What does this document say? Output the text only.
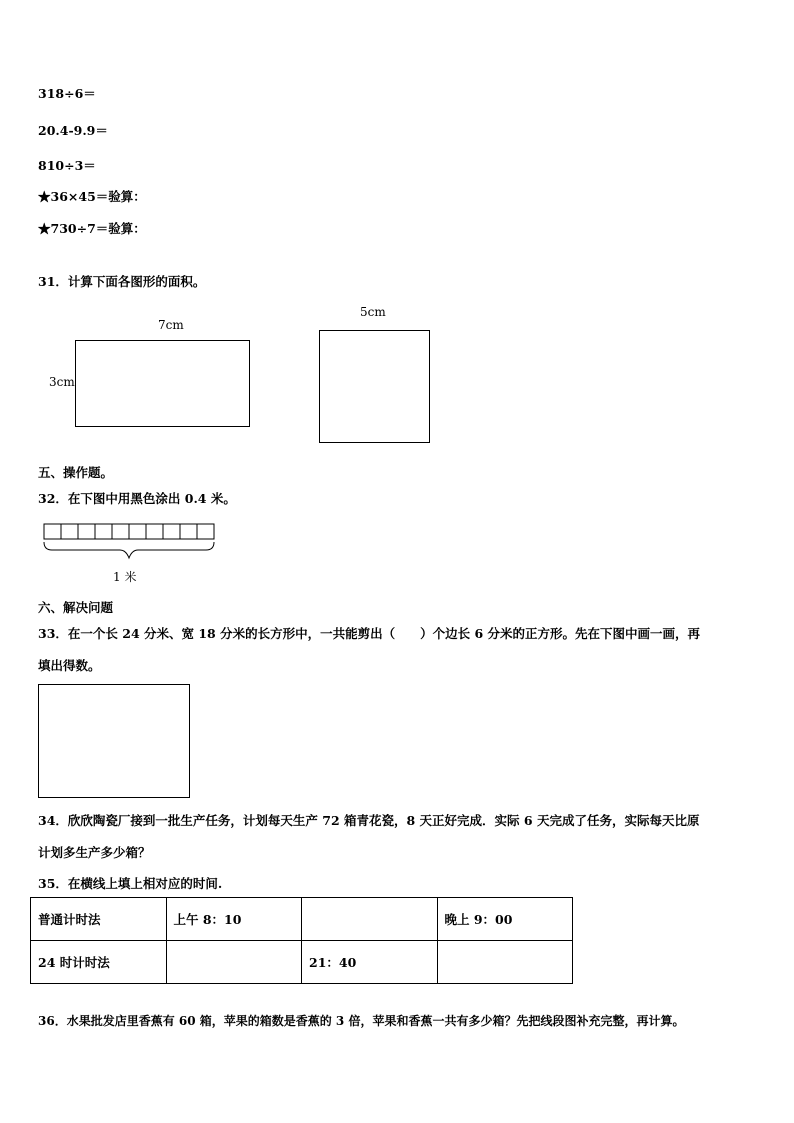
318÷6＝
20.4-9.9＝
810÷3＝
★36×45＝验算：
★730÷7＝验算：
31．计算下面各图形的面积。
7cm
3cm
5cm
五、操作题。
32．在下图中用黑色涂出 0.4 米。
1 米
六、解决问题
33．在一个长 24 分米、宽 18 分米的长方形中，一共能剪出（　　）个边长 6 分米的正方形。先在下图中画一画，再
填出得数。
34．欣欣陶瓷厂接到一批生产任务，计划每天生产 72 箱青花瓷，8 天正好完成．实际 6 天完成了任务，实际每天比原
计划多生产多少箱？
35．在横线上填上相对应的时间.
普通计时法	上午 8：10		晚上 9：00
24 时计时法		21：40	
36．水果批发店里香蕉有 60 箱，苹果的箱数是香蕉的 3 倍，苹果和香蕉一共有多少箱？先把线段图补充完整，再计算。
